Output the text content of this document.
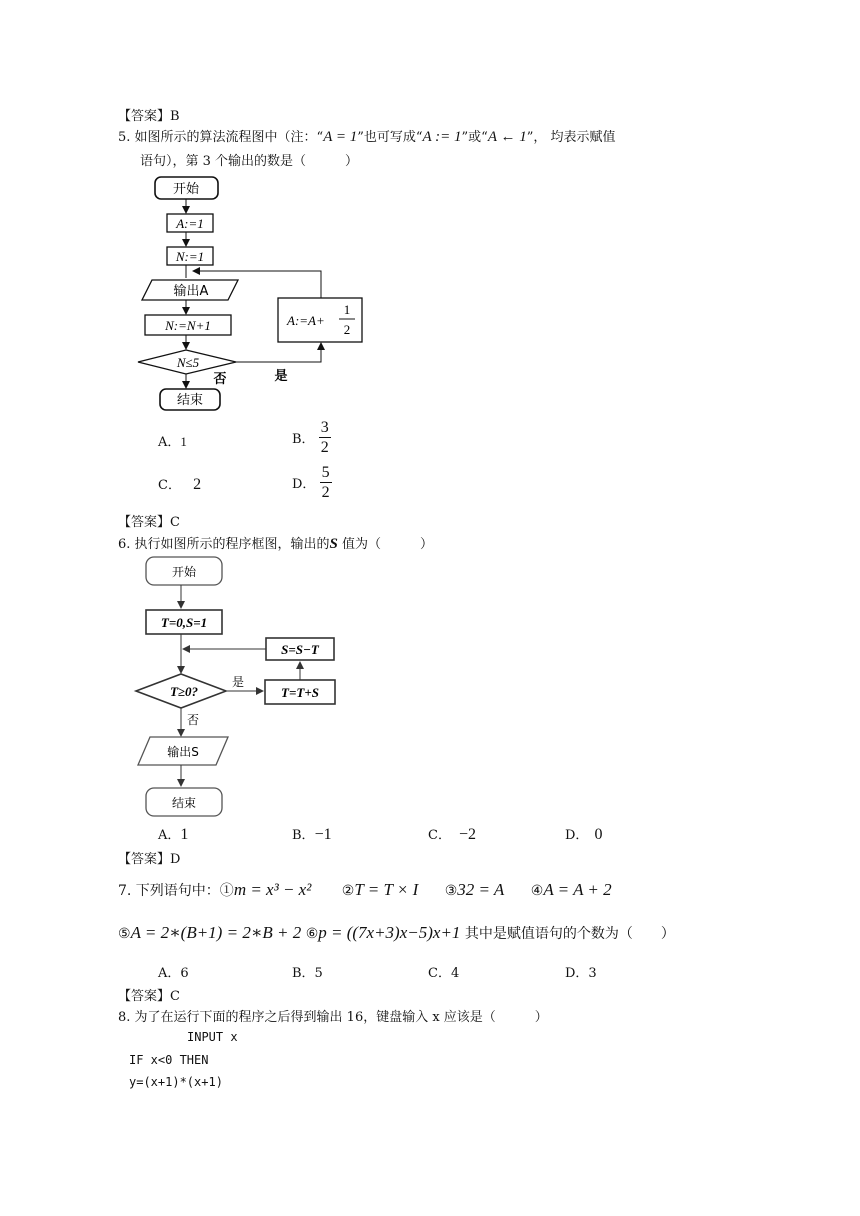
【答案】B
5. 如图所示的算法流程图中（注：“A = 1”也可写成“A := 1”或“A ← 1”， 均表示赋值
语句），第 3 个输出的数是（　　　）
开始
A:=1
N:=1
输出A
N:=N+1	A:=A+
1
2
N≤5
是
否
结束
A．1	B． $\frac{3}{2}$
C． 2	D． $\frac{5}{2}$
【答案】C
6. 执行如图所示的程序框图，输出的S 值为（　　　）
开始
T=0,S=1
S=S−T
T≥0?
是
T=T+S
否
输出S
结束
A．1	B．−1	C． −2	D． 0
【答案】D
7. 下列语句中：①m = x³ − x² ②T = T × I ③32 = A ④A = A + 2
⑤A = 2∗(B+1) = 2∗B + 2 ⑥p = ((7x+3)x−5)x+1 其中是赋值语句的个数为（　　）
A．6	B．5	C．4	D．3
【答案】C
8. 为了在运行下面的程序之后得到输出 16，键盘输入 x 应该是（　　　）
INPUT x
IF x<0 THEN
y=(x+1)*(x+1)
